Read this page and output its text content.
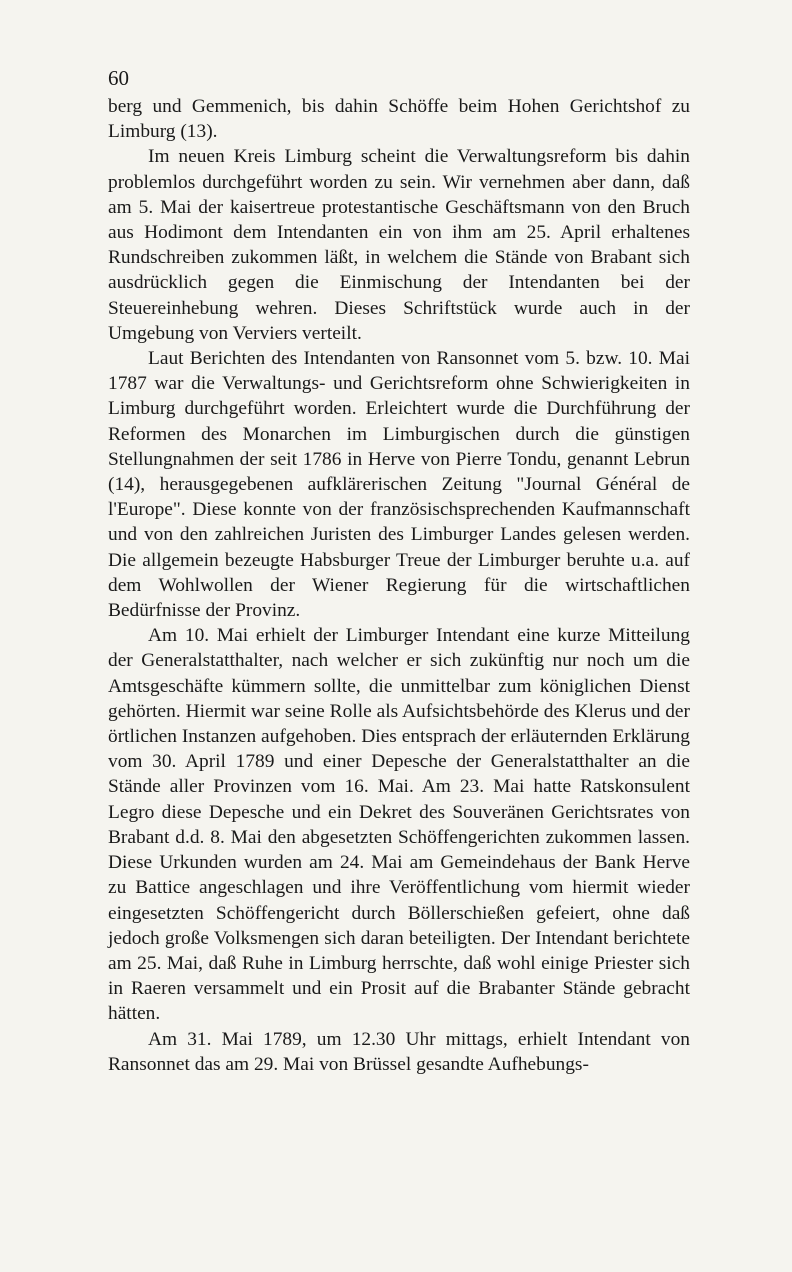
60

berg und Gemmenich, bis dahin Schöffe beim Hohen Gerichtshof zu Limburg (13).

Im neuen Kreis Limburg scheint die Verwaltungsreform bis dahin problemlos durchgeführt worden zu sein. Wir vernehmen aber dann, daß am 5. Mai der kaisertreue protestantische Geschäftsmann von den Bruch aus Hodimont dem Intendanten ein von ihm am 25. April erhaltenes Rundschreiben zukommen läßt, in welchem die Stände von Brabant sich ausdrücklich gegen die Einmischung der Intendanten bei der Steuereinhebung wehren. Dieses Schriftstück wurde auch in der Umgebung von Verviers verteilt.

Laut Berichten des Intendanten von Ransonnet vom 5. bzw. 10. Mai 1787 war die Verwaltungs- und Gerichtsreform ohne Schwierigkeiten in Limburg durchgeführt worden. Erleichtert wurde die Durchführung der Reformen des Monarchen im Limburgischen durch die günstigen Stellungnahmen der seit 1786 in Herve von Pierre Tondu, genannt Lebrun (14), herausgegebenen aufklärerischen Zeitung "Journal Général de l'Europe". Diese konnte von der französischsprechenden Kaufmannschaft und von den zahlreichen Juristen des Limburger Landes gelesen werden. Die allgemein bezeugte Habsburger Treue der Limburger beruhte u.a. auf dem Wohlwollen der Wiener Regierung für die wirtschaftlichen Bedürfnisse der Provinz.

Am 10. Mai erhielt der Limburger Intendant eine kurze Mitteilung der Generalstatthalter, nach welcher er sich zukünftig nur noch um die Amtsgeschäfte kümmern sollte, die unmittelbar zum königlichen Dienst gehörten. Hiermit war seine Rolle als Aufsichtsbehörde des Klerus und der örtlichen Instanzen aufgehoben. Dies entsprach der erläuternden Erklärung vom 30. April 1789 und einer Depesche der Generalstatthalter an die Stände aller Provinzen vom 16. Mai. Am 23. Mai hatte Ratskonsulent Legro diese Depesche und ein Dekret des Souveränen Gerichtsrates von Brabant d.d. 8. Mai den abgesetzten Schöffengerichten zukommen lassen. Diese Urkunden wurden am 24. Mai am Gemeindehaus der Bank Herve zu Battice angeschlagen und ihre Veröffentlichung vom hiermit wieder eingesetzten Schöffengericht durch Böllerschießen gefeiert, ohne daß jedoch große Volksmengen sich daran beteiligten. Der Intendant berichtete am 25. Mai, daß Ruhe in Limburg herrschte, daß wohl einige Priester sich in Raeren versammelt und ein Prosit auf die Brabanter Stände gebracht hätten.

Am 31. Mai 1789, um 12.30 Uhr mittags, erhielt Intendant von Ransonnet das am 29. Mai von Brüssel gesandte Aufhebungs-
